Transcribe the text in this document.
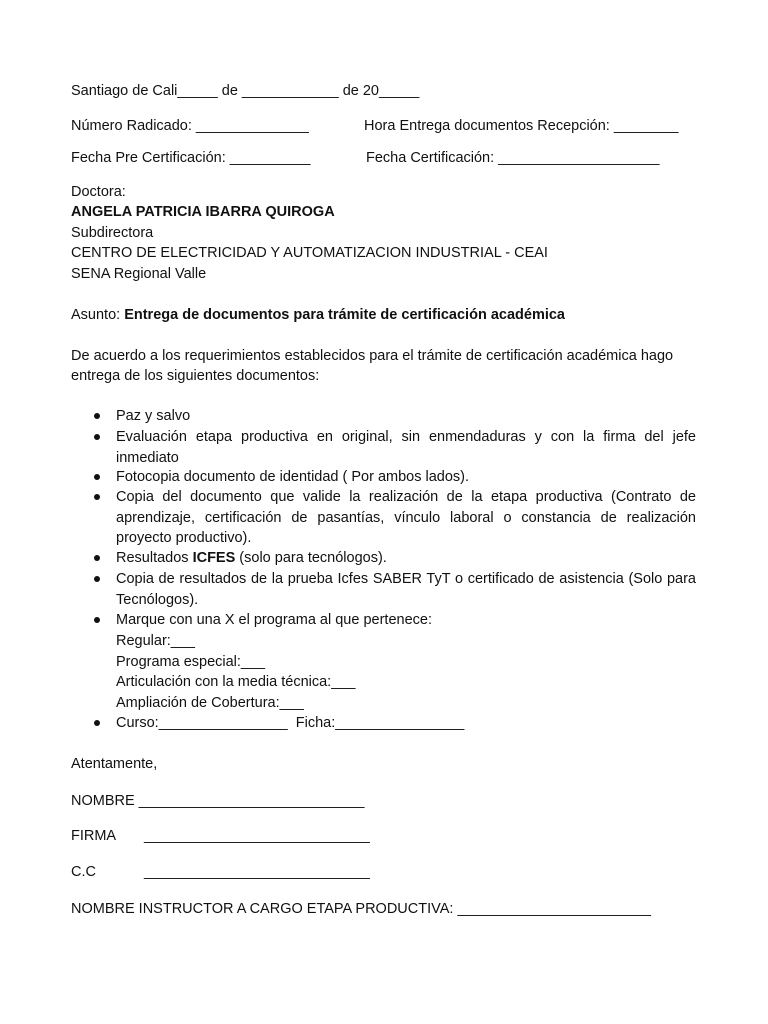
Santiago de Cali_____ de ____________ de 20_____
Número Radicado: ______________	Hora Entrega documentos Recepción: ________
Fecha Pre Certificación: __________	Fecha Certificación: ____________________
Doctora:
ANGELA PATRICIA IBARRA QUIROGA
Subdirectora
CENTRO DE ELECTRICIDAD Y AUTOMATIZACION INDUSTRIAL - CEAI
SENA Regional Valle
Asunto: Entrega de documentos para trámite de certificación académica
De acuerdo a los requerimientos establecidos para el trámite de certificación académica hago
entrega de los siguientes documentos:
Paz y salvo
Evaluación etapa productiva en original, sin enmendaduras y con la firma del jefe inmediato
Fotocopia documento de identidad ( Por ambos lados).
Copia del documento que valide la realización de la etapa productiva (Contrato de aprendizaje, certificación de pasantías, vínculo laboral o constancia de realización proyecto productivo).
Resultados ICFES (solo para tecnólogos).
Copia de resultados de la prueba Icfes SABER TyT o certificado de asistencia (Solo para Tecnólogos).
Marque con una X el programa al que pertenece:
Regular:___
Programa especial:___
Articulación con la media técnica:___
Ampliación de Cobertura:___
Curso:________________  Ficha:________________
Atentamente,
NOMBRE ____________________________
FIRMA ____________________________
C.C	____________________________
NOMBRE INSTRUCTOR A CARGO ETAPA PRODUCTIVA: ________________________
